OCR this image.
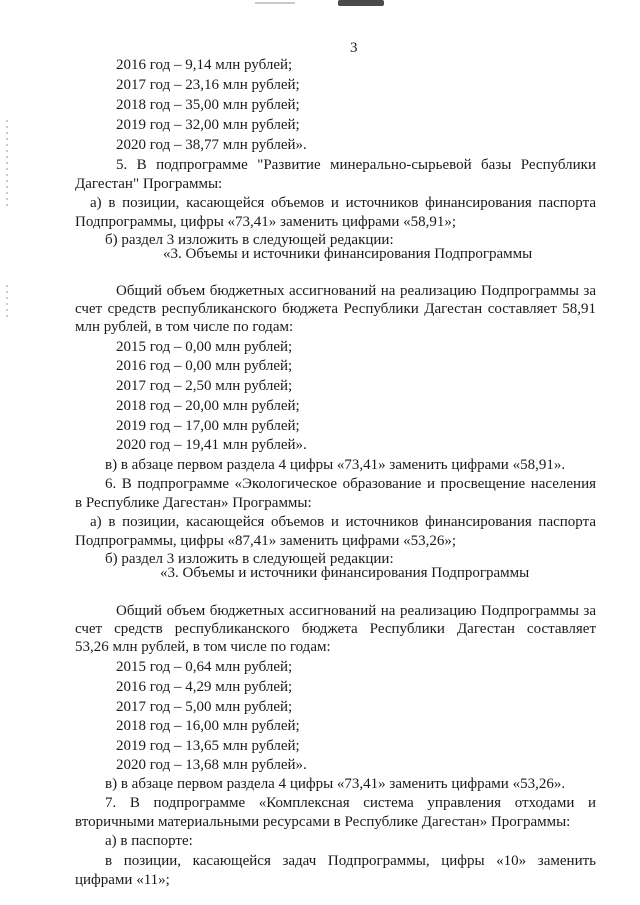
3
2016 год – 9,14 млн рублей;
2017 год – 23,16 млн рублей;
2018 год – 35,00 млн рублей;
2019 год – 32,00 млн рублей;
2020 год – 38,77 млн рублей».
5. В подпрограмме "Развитие минерально-сырьевой базы Республики
Дагестан" Программы:
а) в позиции, касающейся объемов и источников финансирования паспорта
Подпрограммы, цифры «73,41» заменить цифрами «58,91»;
б) раздел 3 изложить в следующей редакции:
«3. Объемы и источники финансирования Подпрограммы
Общий объем бюджетных ассигнований на реализацию Подпрограммы за
счет средств республиканского бюджета Республики Дагестан составляет 58,91
млн рублей, в том числе по годам:
2015 год – 0,00 млн рублей;
2016 год – 0,00 млн рублей;
2017 год – 2,50 млн рублей;
2018 год – 20,00 млн рублей;
2019 год – 17,00 млн рублей;
2020 год – 19,41 млн рублей».
в) в абзаце первом раздела 4 цифры «73,41» заменить цифрами «58,91».
6. В подпрограмме «Экологическое образование и просвещение населения
в Республике Дагестан» Программы:
а) в позиции, касающейся объемов и источников финансирования паспорта
Подпрограммы, цифры «87,41» заменить цифрами «53,26»;
б) раздел 3 изложить в следующей редакции:
«3. Объемы и источники финансирования Подпрограммы
Общий объем бюджетных ассигнований на реализацию Подпрограммы за
счет средств республиканского бюджета Республики Дагестан составляет
53,26 млн рублей, в том числе по годам:
2015 год – 0,64 млн рублей;
2016 год – 4,29 млн рублей;
2017 год – 5,00 млн рублей;
2018 год – 16,00 млн рублей;
2019 год – 13,65 млн рублей;
2020 год – 13,68 млн рублей».
в) в абзаце первом раздела 4 цифры «73,41» заменить цифрами «53,26».
7. В подпрограмме «Комплексная система управления отходами и
вторичными материальными ресурсами в Республике Дагестан» Программы:
а) в паспорте:
в позиции, касающейся задач Подпрограммы, цифры «10» заменить
цифрами «11»;
